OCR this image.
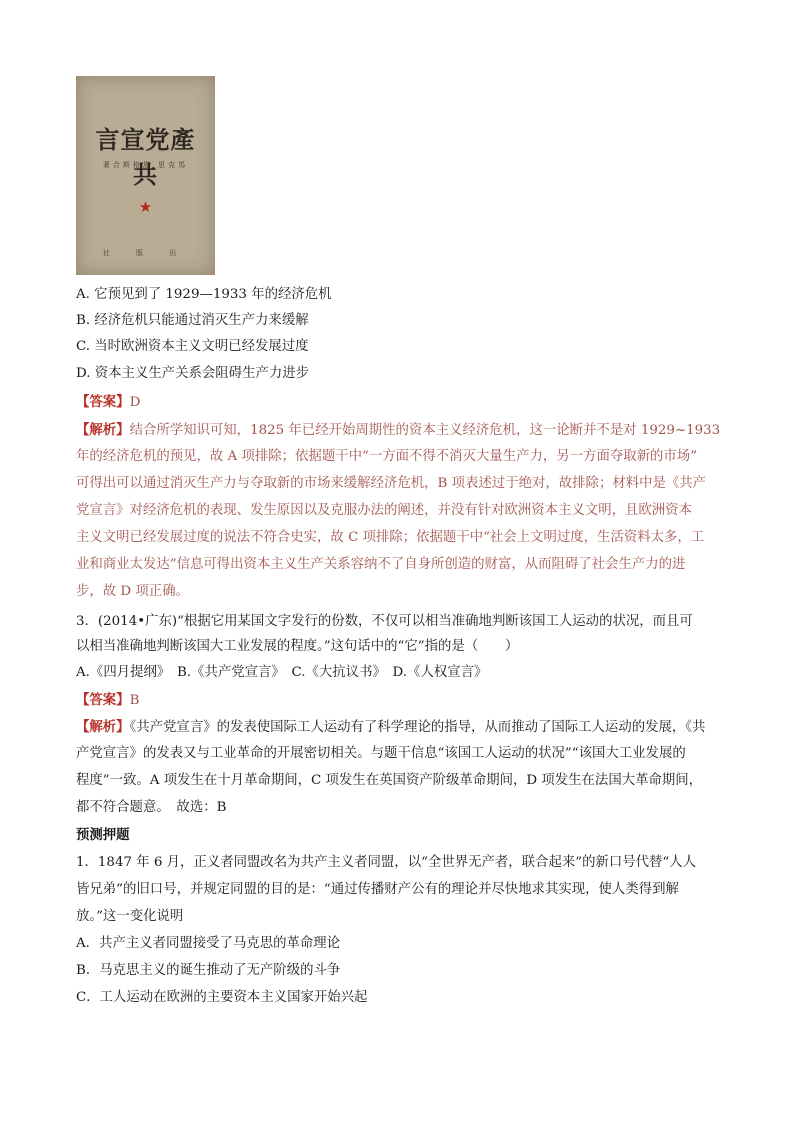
言宣党產共
著合斯格恩 思克馬
★
社 版 出
A. 它预见到了 1929—1933 年的经济危机
B. 经济危机只能通过消灭生产力来缓解
C. 当时欧洲资本主义文明已经发展过度
D. 资本主义生产关系会阻碍生产力进步
【答案】D
【解析】结合所学知识可知，1825 年已经开始周期性的资本主义经济危机，这一论断并不是对 1929~1933
年的经济危机的预见，故 A 项排除；依据题干中“一方面不得不消灭大量生产力，另一方面夺取新的市场”
可得出可以通过消灭生产力与夺取新的市场来缓解经济危机，B 项表述过于绝对，故排除；材料中是《共产
党宣言》对经济危机的表现、发生原因以及克服办法的阐述，并没有针对欧洲资本主义文明，且欧洲资本
主义文明已经发展过度的说法不符合史实，故 C 项排除；依据题干中“社会上文明过度，生活资料太多，工
业和商业太发达”信息可得出资本主义生产关系容纳不了自身所创造的财富，从而阻碍了社会生产力的进
步，故 D 项正确。
3．(2014•广东)“根据它用某国文字发行的份数，不仅可以相当准确地判断该国工人运动的状况，而且可
以相当准确地判断该国大工业发展的程度。”这句话中的“它”指的是（　　）
A.《四月提纲》　B.《共产党宣言》　C.《大抗议书》　D.《人权宣言》
【答案】B
【解析】《共产党宣言》的发表使国际工人运动有了科学理论的指导，从而推动了国际工人运动的发展，《共
产党宣言》的发表又与工业革命的开展密切相关。与题干信息“该国工人运动的状况”“该国大工业发展的
程度”一致。A 项发生在十月革命期间，C 项发生在英国资产阶级革命期间，D 项发生在法国大革命期间，
都不符合题意。　故选：B
预测押题
1．1847 年 6 月，正义者同盟改名为共产主义者同盟，以“全世界无产者，联合起来”的新口号代替“人人
皆兄弟”的旧口号，并规定同盟的目的是：“通过传播财产公有的理论并尽快地求其实现，使人类得到解
放。”这一变化说明
A．共产主义者同盟接受了马克思的革命理论
B．马克思主义的诞生推动了无产阶级的斗争
C．工人运动在欧洲的主要资本主义国家开始兴起
